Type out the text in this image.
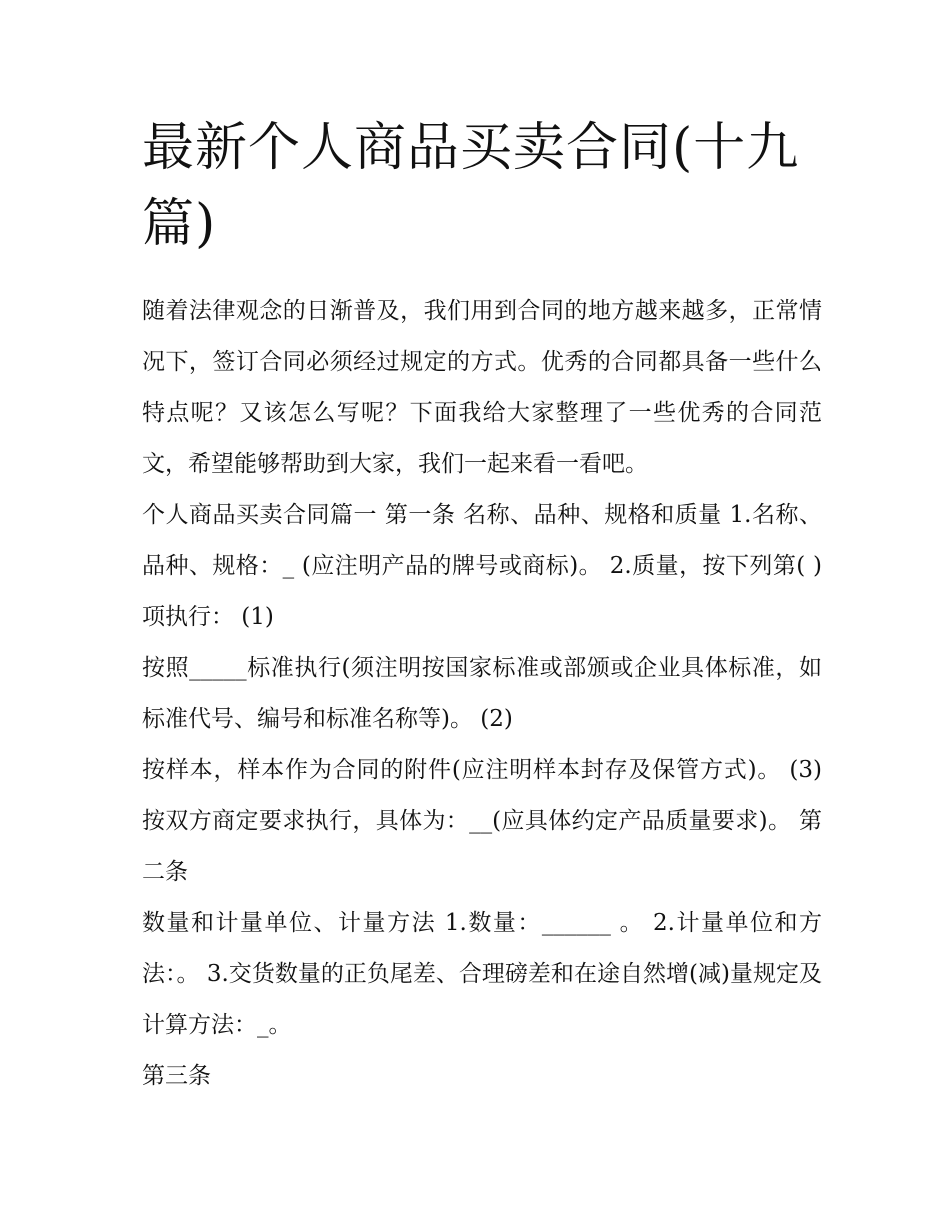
最新个人商品买卖合同(十九篇)

随着法律观念的日渐普及，我们用到合同的地方越来越多，正常情况下，签订合同必须经过规定的方式。优秀的合同都具备一些什么特点呢？又该怎么写呢？下面我给大家整理了一些优秀的合同范文，希望能够帮助到大家，我们一起来看一看吧。

个人商品买卖合同篇一 第一条 名称、品种、规格和质量 1.名称、品种、规格：_ (应注明产品的牌号或商标)。 2.质量，按下列第( )项执行： (1)

按照_____标准执行(须注明按国家标准或部颁或企业具体标准，如标准代号、编号和标准名称等)。 (2)

按样本，样本作为合同的附件(应注明样本封存及保管方式)。 (3) 按双方商定要求执行，具体为：__(应具体约定产品质量要求)。 第二条

数量和计量单位、计量方法 1.数量：______ 。 2.计量单位和方法：。 3.交货数量的正负尾差、合理磅差和在途自然增(减)量规定及计算方法：_。

第三条
